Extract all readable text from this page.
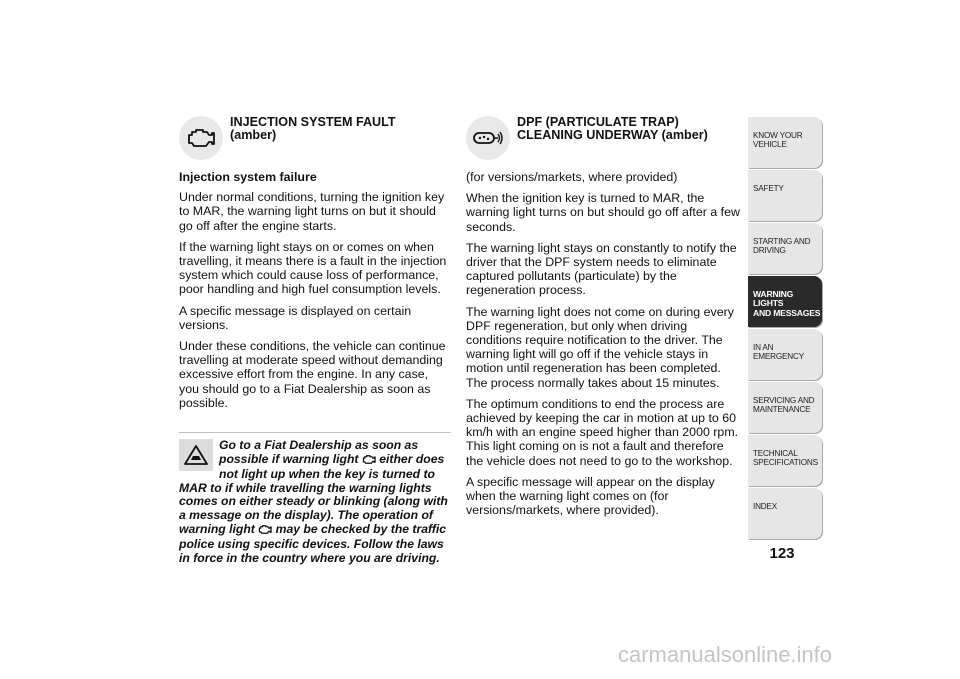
INJECTION SYSTEM FAULT
(amber)

Injection system failure

Under normal conditions, turning the ignition key to MAR, the warning light turns on but it should go off after the engine starts.

If the warning light stays on or comes on when travelling, it means there is a fault in the injection system which could cause loss of performance, poor handling and high fuel consumption levels.

A specific message is displayed on certain versions.

Under these conditions, the vehicle can continue travelling at moderate speed without demanding excessive effort from the engine. In any case, you should go to a Fiat Dealership as soon as possible.

Go to a Fiat Dealership as soon as possible if warning light  either does not light up when the key is turned to MAR to if while travelling the warning lights comes on either steady or blinking (along with a message on the display). The operation of warning light  may be checked by the traffic police using specific devices. Follow the laws in force in the country where you are driving.
DPF (PARTICULATE TRAP)
CLEANING UNDERWAY (amber)

(for versions/markets, where provided)

When the ignition key is turned to MAR, the warning light turns on but should go off after a few seconds.

The warning light stays on constantly to notify the driver that the DPF system needs to eliminate captured pollutants (particulate) by the regeneration process.

The warning light does not come on during every DPF regeneration, but only when driving conditions require notification to the driver. The warning light will go off if the vehicle stays in motion until regeneration has been completed. The process normally takes about 15 minutes.

The optimum conditions to end the process are achieved by keeping the car in motion at up to 60 km/h with an engine speed higher than 2000 rpm. This light coming on is not a fault and therefore the vehicle does not need to go to the workshop.

A specific message will appear on the display when the warning light comes on (for versions/markets, where provided).

KNOW YOUR
VEHICLE
SAFETY
STARTING AND
DRIVING
WARNING LIGHTS
AND MESSAGES
IN AN EMERGENCY
SERVICING AND
MAINTENANCE
TECHNICAL
SPECIFICATIONS
INDEX
123
carmanualsonline.info
